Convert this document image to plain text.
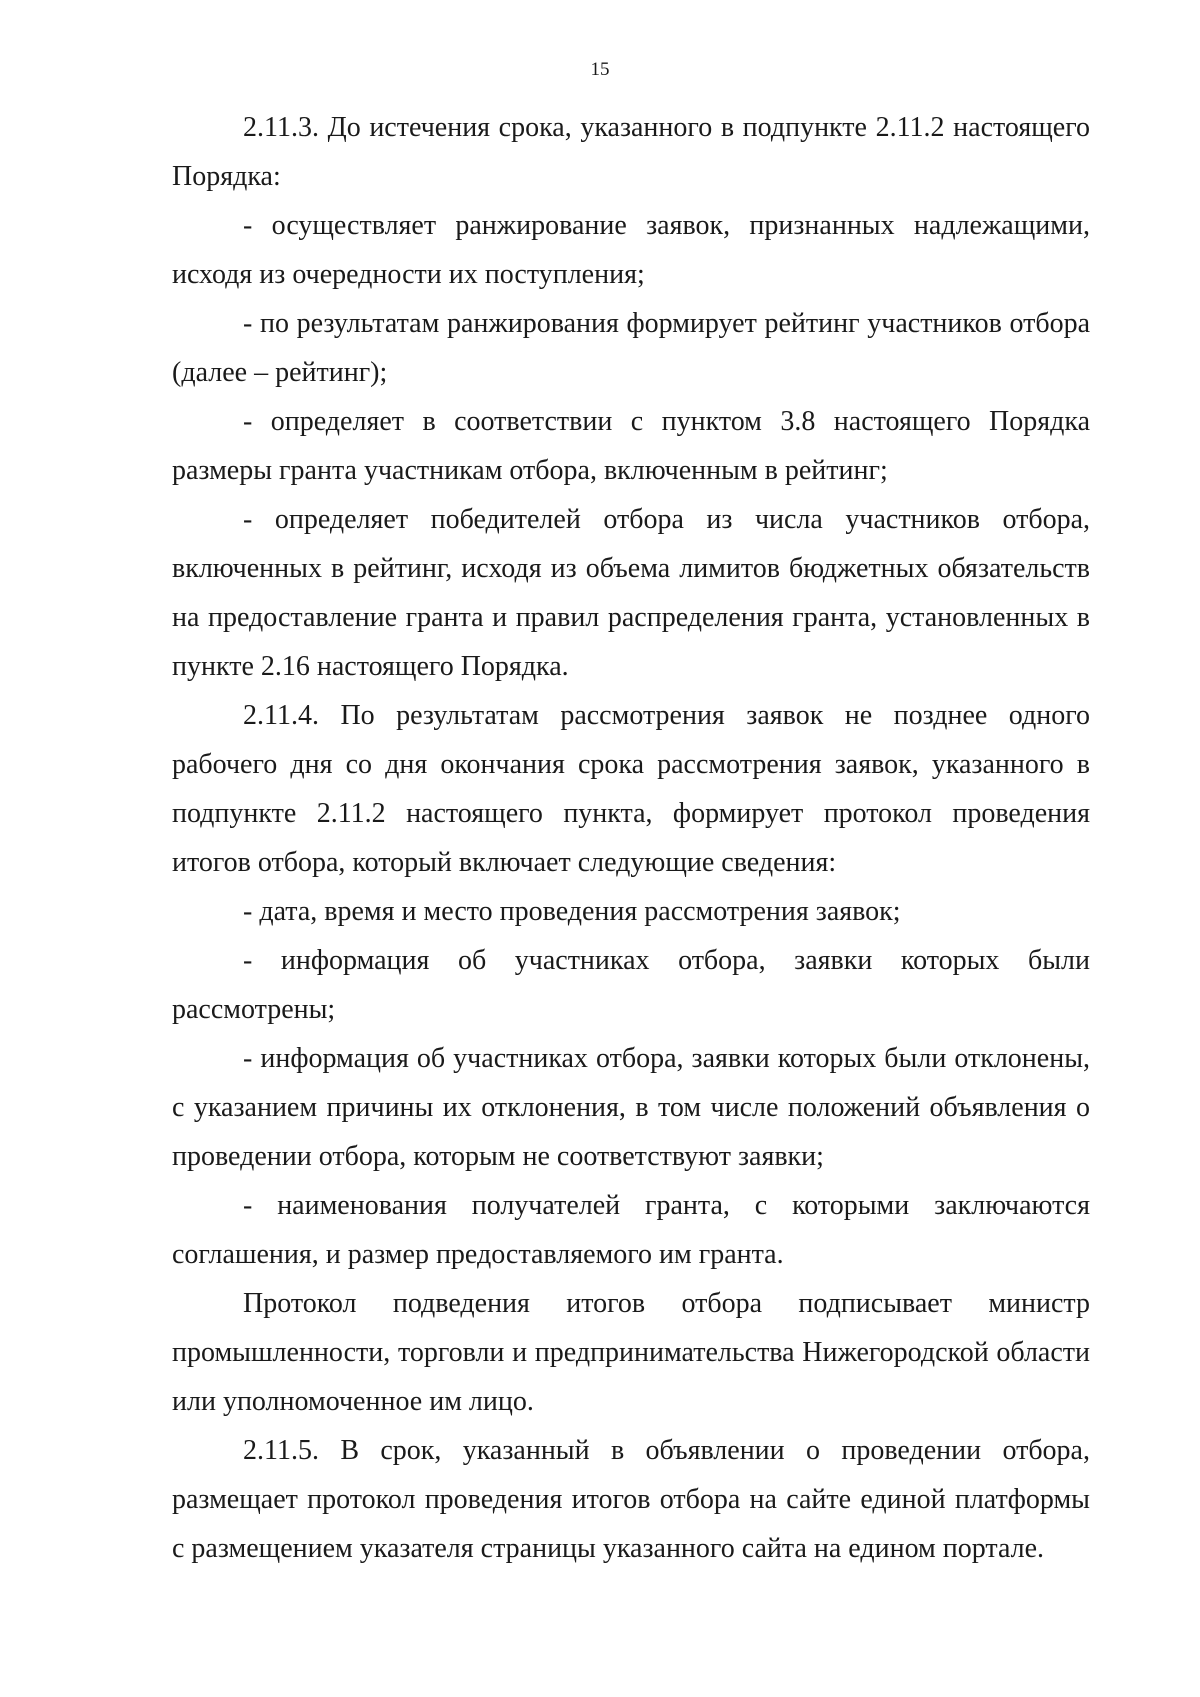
15

2.11.3. До истечения срока, указанного в подпункте 2.11.2 настоящего Порядка:

- осуществляет ранжирование заявок, признанных надлежащими, исходя из очередности их поступления;

- по результатам ранжирования формирует рейтинг участников отбора (далее – рейтинг);

- определяет в соответствии с пунктом 3.8 настоящего Порядка размеры гранта участникам отбора, включенным в рейтинг;

- определяет победителей отбора из числа участников отбора, включенных в рейтинг, исходя из объема лимитов бюджетных обязательств на предоставление гранта и правил распределения гранта, установленных в пункте 2.16 настоящего Порядка.

2.11.4. По результатам рассмотрения заявок не позднее одного рабочего дня со дня окончания срока рассмотрения заявок, указанного в подпункте 2.11.2 настоящего пункта, формирует протокол проведения итогов отбора, который включает следующие сведения:

- дата, время и место проведения рассмотрения заявок;

- информация об участниках отбора, заявки которых были рассмотрены;

- информация об участниках отбора, заявки которых были отклонены, с указанием причины их отклонения, в том числе положений объявления о проведении отбора, которым не соответствуют заявки;

- наименования получателей гранта, с которыми заключаются соглашения, и размер предоставляемого им гранта.

Протокол подведения итогов отбора подписывает министр промышленности, торговли и предпринимательства Нижегородской области или уполномоченное им лицо.

2.11.5. В срок, указанный в объявлении о проведении отбора, размещает протокол проведения итогов отбора на сайте единой платформы с размещением указателя страницы указанного сайта на едином портале.
